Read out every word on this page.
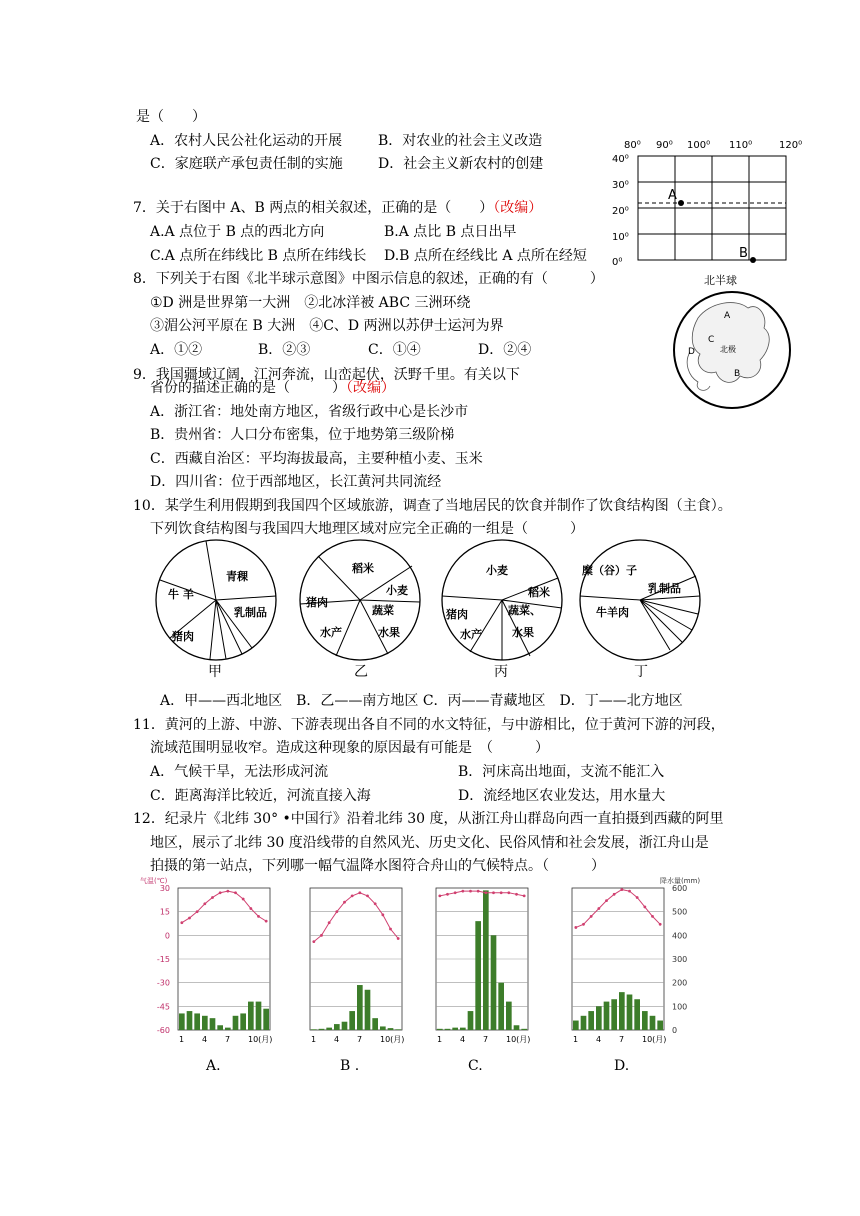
是（　　）
A．农村人民公社化运动的开展	B．对农业的社会主义改造
C．家庭联产承包责任制的实施	D．社会主义新农村的创建
80⁰ 90⁰ 100⁰ 110⁰	120⁰
40⁰
30⁰
20⁰
10⁰
0⁰
A
B
7．关于右图中 A、B 两点的相关叙述，正确的是（　　）（改编）
A.A 点位于 B 点的西北方向	B.A 点比 B 点日出早
C.A 点所在纬线比 B 点所在纬线长 D.B 点所在经线比 A 点所在经短
8．下列关于右图《北半球示意图》中图示信息的叙述，正确的有（　　　）
①D 洲是世界第一大洲　②北冰洋被 ABC 三洲环绕
③湄公河平原在 B 大洲　④C、D 两洲以苏伊士运河为界
A．①②	B．②③	C．①④	D．②④
北半球
A
B
C
D	北极
9．我国疆域辽阔，江河奔流，山峦起伏，沃野千里。有关以下
省份的描述正确的是（　　　）（改编）
A．浙江省：地处南方地区，省级行政中心是长沙市
B．贵州省：人口分布密集，位于地势第三级阶梯
C．西藏自治区：平均海拔最高，主要种植小麦、玉米
D．四川省：位于西部地区，长江黄河共同流经
10．某学生利用假期到我国四个区域旅游，调查了当地居民的饮食并制作了饮食结构图（主食）。
下列饮食结构图与我国四大地理区域对应完全正确的一组是（　　　）
青稞
牛 羊
乳制品
猪肉
甲
稻米
小麦
猪肉
蔬菜
水产	水果
乙
小麦
稻米
猪肉	蔬菜、
水产	水果
丙
糜（谷）子
乳制品
牛羊肉
丁
A．甲——西北地区　B．乙——南方地区 C．丙——青藏地区　D．丁——北方地区
11．黄河的上游、中游、下游表现出各自不同的水文特征，与中游相比，位于黄河下游的河段，
流域范围明显收窄。造成这种现象的原因最有可能是　（　　　）
A．气候干旱，无法形成河流	B．河床高出地面，支流不能汇入
C．距离海洋比较近，河流直接入海	D．流经地区农业发达，用水量大
12．纪录片《北纬 30° •中国行》沿着北纬 30 度，从浙江舟山群岛向西一直拍摄到西藏的阿里
地区，展示了北纬 30 度沿线带的自然风光、历史文化、民俗风情和社会发展，浙江舟山是
拍摄的第一站点，下列哪一幅气温降水图符合舟山的气候特点。（　　　）
气温(℃)	降水量(mm)
30
15
0
-15
-30
-45
-60
600
500
400
300
200
100
0
1 4 7 10(月)	1 4 7 10(月)	1 4 7 10(月)	1 4 7 10(月)
A.	B .	C.	D.
